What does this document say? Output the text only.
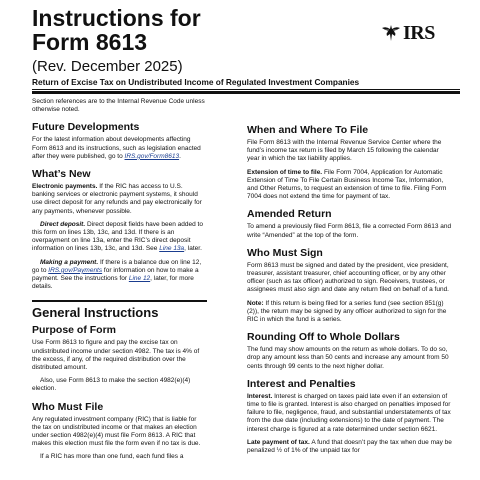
Instructions for
Form 8613
(Rev. December 2025)
IRS
Return of Excise Tax on Undistributed Income of Regulated Investment Companies

Section references are to the Internal Revenue Code unless otherwise noted.

Future Developments

For the latest information about developments affecting Form 8613 and its instructions, such as legislation enacted after they were published, go to IRS.gov/Form8613.

What’s New

Electronic payments. If the RIC has access to U.S. banking services or electronic payment systems, it should use direct deposit for any refunds and pay electronically for any payments, whenever possible.

Direct deposit. Direct deposit fields have been added to this form on lines 13b, 13c, and 13d. If there is an overpayment on line 13a, enter the RIC’s direct deposit information on lines 13b, 13c, and 13d. See Line 13a, later.

Making a payment. If there is a balance due on line 12, go to IRS.gov/Payments for information on how to make a payment. See the instructions for Line 12, later, for more details.

General Instructions
Purpose of Form

Use Form 8613 to figure and pay the excise tax on undistributed income under section 4982. The tax is 4% of the excess, if any, of the required distribution over the distributed amount.

Also, use Form 8613 to make the section 4982(e)(4) election.

Who Must File

Any regulated investment company (RIC) that is liable for the tax on undistributed income or that makes an election under section 4982(e)(4) must file Form 8613. A RIC that makes this election must file the form even if no tax is due.

If a RIC has more than one fund, each fund files a

When and Where To File

File Form 8613 with the Internal Revenue Service Center where the fund’s income tax return is filed by March 15 following the calendar year in which the tax liability applies.

Extension of time to file. File Form 7004, Application for Automatic Extension of Time To File Certain Business Income Tax, Information, and Other Returns, to request an extension of time to file. Filing Form 7004 does not extend the time for payment of tax.

Amended Return

To amend a previously filed Form 8613, file a corrected Form 8613 and write “Amended” at the top of the form.

Who Must Sign

Form 8613 must be signed and dated by the president, vice president, treasurer, assistant treasurer, chief accounting officer, or by any other officer (such as tax officer) authorized to sign. Receivers, trustees, or assignees must also sign and date any return filed on behalf of a fund.

Note: If this return is being filed for a series fund (see section 851(g)(2)), the return may be signed by any officer authorized to sign for the RIC in which the fund is a series.

Rounding Off to Whole Dollars

The fund may show amounts on the return as whole dollars. To do so, drop any amount less than 50 cents and increase any amount from 50 cents through 99 cents to the next higher dollar.

Interest and Penalties

Interest. Interest is charged on taxes paid late even if an extension of time to file is granted. Interest is also charged on penalties imposed for failure to file, negligence, fraud, and substantial understatements of tax from the due date (including extensions) to the date of payment. The interest charge is figured at a rate determined under section 6621.

Late payment of tax. A fund that doesn’t pay the tax when due may be penalized ½ of 1% of the unpaid tax for
